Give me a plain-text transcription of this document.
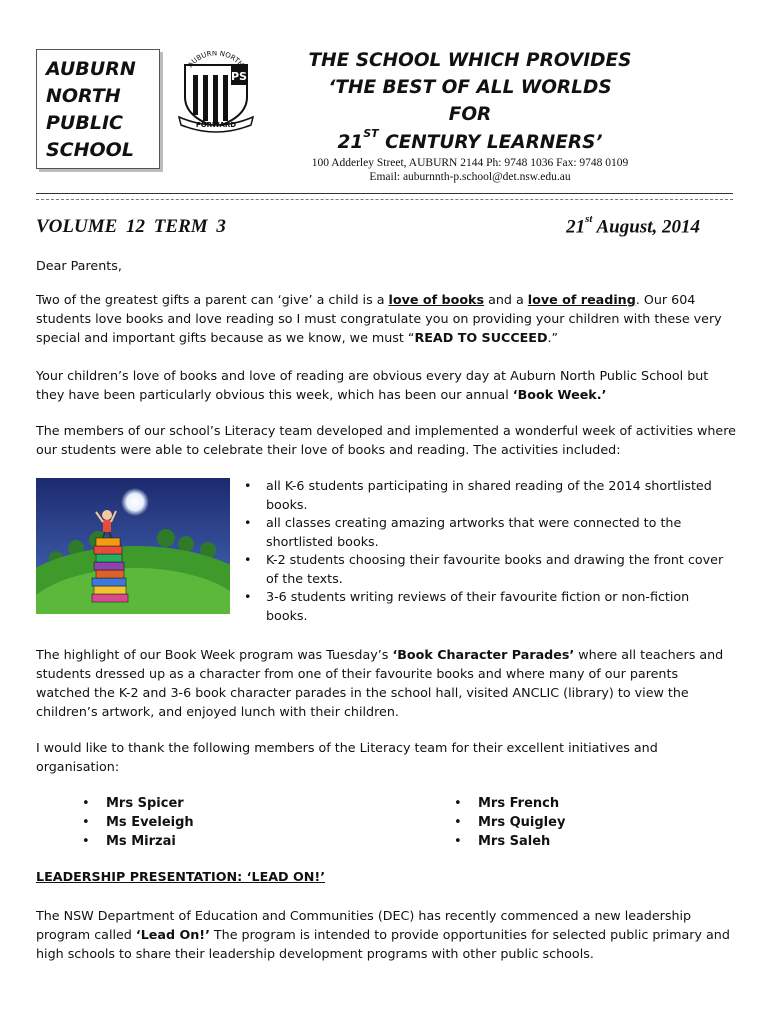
AUBURN
NORTH
PUBLIC
SCHOOL
PS
AUBURN NORTH
FORWARD
THE SCHOOL WHICH PROVIDES
‘THE BEST OF ALL WORLDS
FOR
21ST CENTURY LEARNERS’
100 Adderley Street, AUBURN 2144 Ph: 9748 1036 Fax: 9748 0109
Email: auburnnth-p.school@det.nsw.edu.au
VOLUME 12 TERM 3	21st August, 2014

Dear Parents,

Two of the greatest gifts a parent can ‘give’ a child is a love of books and a love of reading. Our 604 students love books and love reading so I must congratulate you on providing your children with these very special and important gifts because as we know, we must “READ TO SUCCEED.”

Your children’s love of books and love of reading are obvious every day at Auburn North Public School but they have been particularly obvious this week, which has been our annual ‘Book Week.’

The members of our school’s Literacy team developed and implemented a wonderful week of activities where our students were able to celebrate their love of books and reading. The activities included:

• all K-6 students participating in shared reading of the 2014 shortlisted books.
• all classes creating amazing artworks that were connected to the shortlisted books.
• K-2 students choosing their favourite books and drawing the front cover of the texts.
• 3-6 students writing reviews of their favourite fiction or non-fiction books.

The highlight of our Book Week program was Tuesday’s ‘Book Character Parades’ where all teachers and students dressed up as a character from one of their favourite books and where many of our parents watched the K-2 and 3-6 book character parades in the school hall, visited ANCLIC (library) to view the children’s artwork, and enjoyed lunch with their children.

I would like to thank the following members of the Literacy team for their excellent initiatives and organisation:

• Mrs Spicer
• Ms Eveleigh
• Ms Mirzai
• Mrs French
• Mrs Quigley
• Mrs Saleh
LEADERSHIP PRESENTATION: ‘LEAD ON!’

The NSW Department of Education and Communities (DEC) has recently commenced a new leadership program called ‘Lead On!’ The program is intended to provide opportunities for selected public primary and high schools to share their leadership development programs with other public schools.
